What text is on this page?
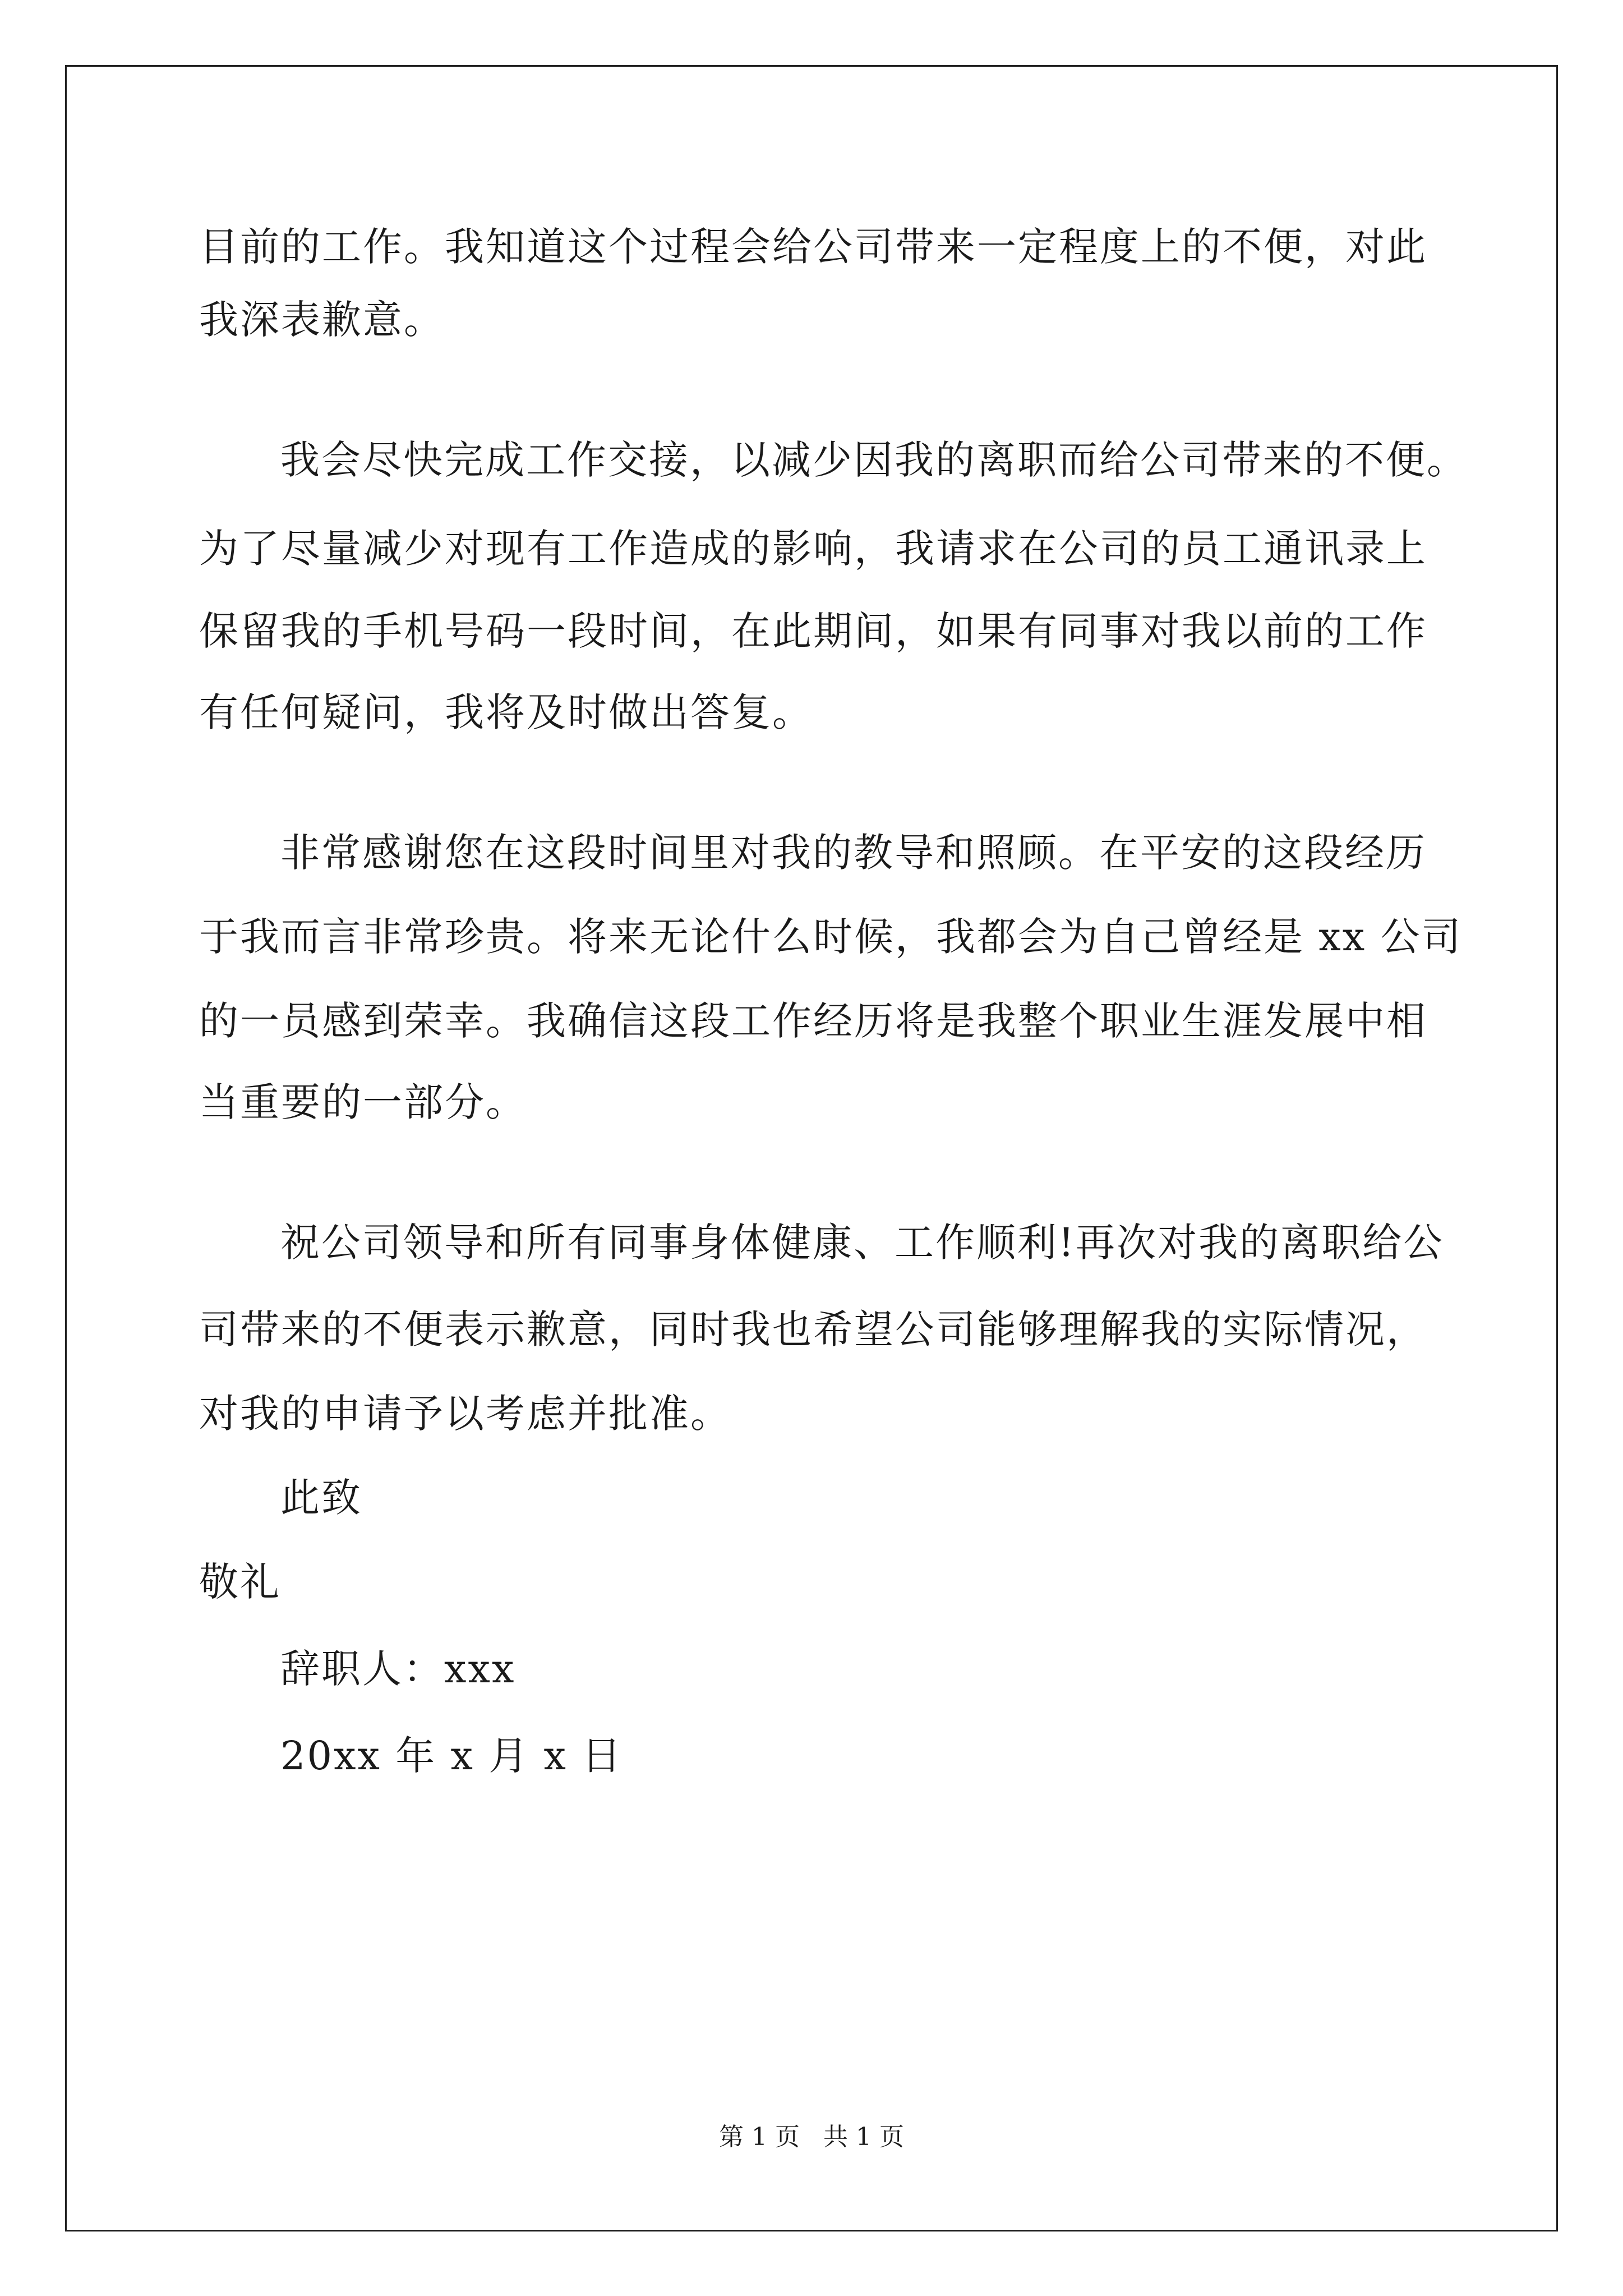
目前的工作。我知道这个过程会给公司带来一定程度上的不便，对此
我深表歉意。
我会尽快完成工作交接，以减少因我的离职而给公司带来的不便。
为了尽量减少对现有工作造成的影响，我请求在公司的员工通讯录上
保留我的手机号码一段时间，在此期间，如果有同事对我以前的工作
有任何疑问，我将及时做出答复。
非常感谢您在这段时间里对我的教导和照顾。在平安的这段经历
于我而言非常珍贵。将来无论什么时候，我都会为自己曾经是 xx 公司
的一员感到荣幸。我确信这段工作经历将是我整个职业生涯发展中相
当重要的一部分。
祝公司领导和所有同事身体健康、工作顺利!再次对我的离职给公
司带来的不便表示歉意，同时我也希望公司能够理解我的实际情况，
对我的申请予以考虑并批准。
此致
敬礼
辞职人：xxx
20xx 年 x 月 x 日
第 1 页   共 1 页
